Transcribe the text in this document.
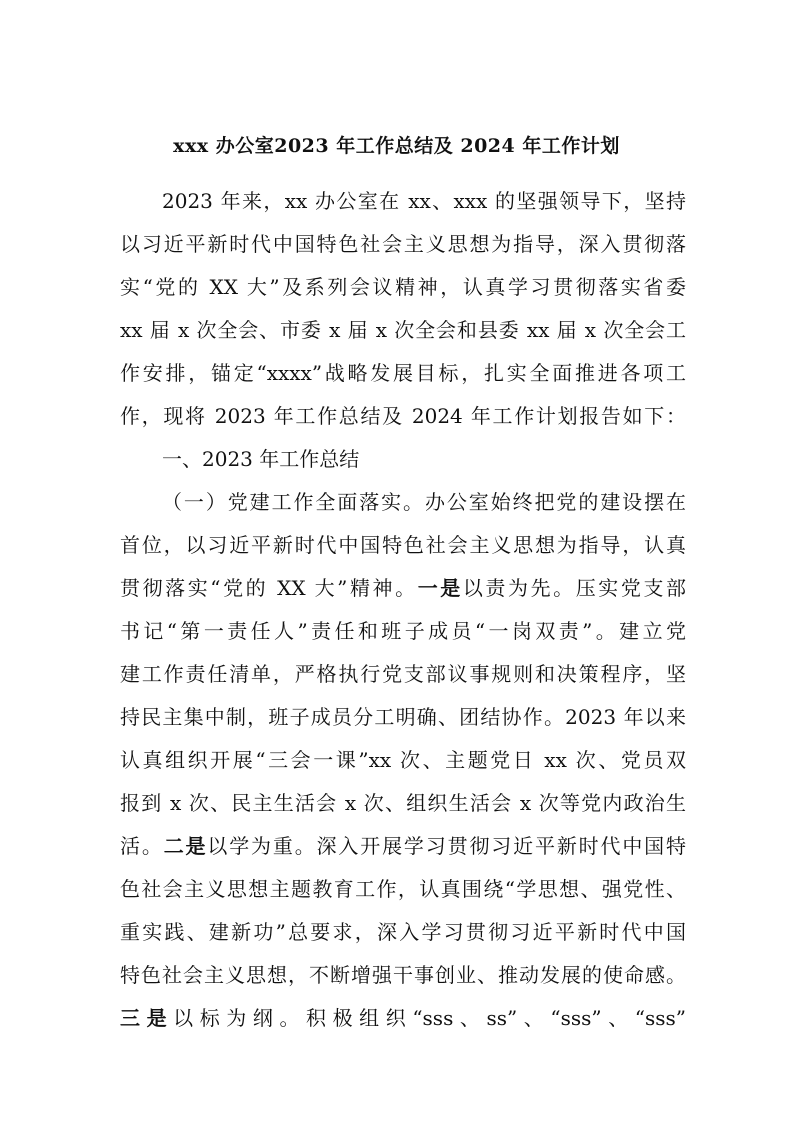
xxx 办公室2023 年工作总结及 2024 年工作计划
2023 年来，xx 办公室在 xx、xxx 的坚强领导下，坚持
以习近平新时代中国特色社会主义思想为指导，深入贯彻落
实“党的 XX 大”及系列会议精神，认真学习贯彻落实省委
xx 届 x 次全会、市委 x 届 x 次全会和县委 xx 届 x 次全会工
作安排，锚定“xxxx”战略发展目标，扎实全面推进各项工
作，现将 2023 年工作总结及 2024 年工作计划报告如下：
一、2023 年工作总结
（一）党建工作全面落实。办公室始终把党的建设摆在
首位，以习近平新时代中国特色社会主义思想为指导，认真
贯彻落实“党的 XX 大”精神。一是以责为先。压实党支部
书记“第一责任人”责任和班子成员“一岗双责”。建立党
建工作责任清单，严格执行党支部议事规则和决策程序，坚
持民主集中制，班子成员分工明确、团结协作。2023 年以来
认真组织开展“三会一课”xx 次、主题党日 xx 次、党员双
报到 x 次、民主生活会 x 次、组织生活会 x 次等党内政治生
活。二是以学为重。深入开展学习贯彻习近平新时代中国特
色社会主义思想主题教育工作，认真围绕“学思想、强党性、
重实践、建新功”总要求，深入学习贯彻习近平新时代中国
特色社会主义思想，不断增强干事创业、推动发展的使命感。
三是以标为纲。积极组织“sss、ss”、“sss”、“sss”
